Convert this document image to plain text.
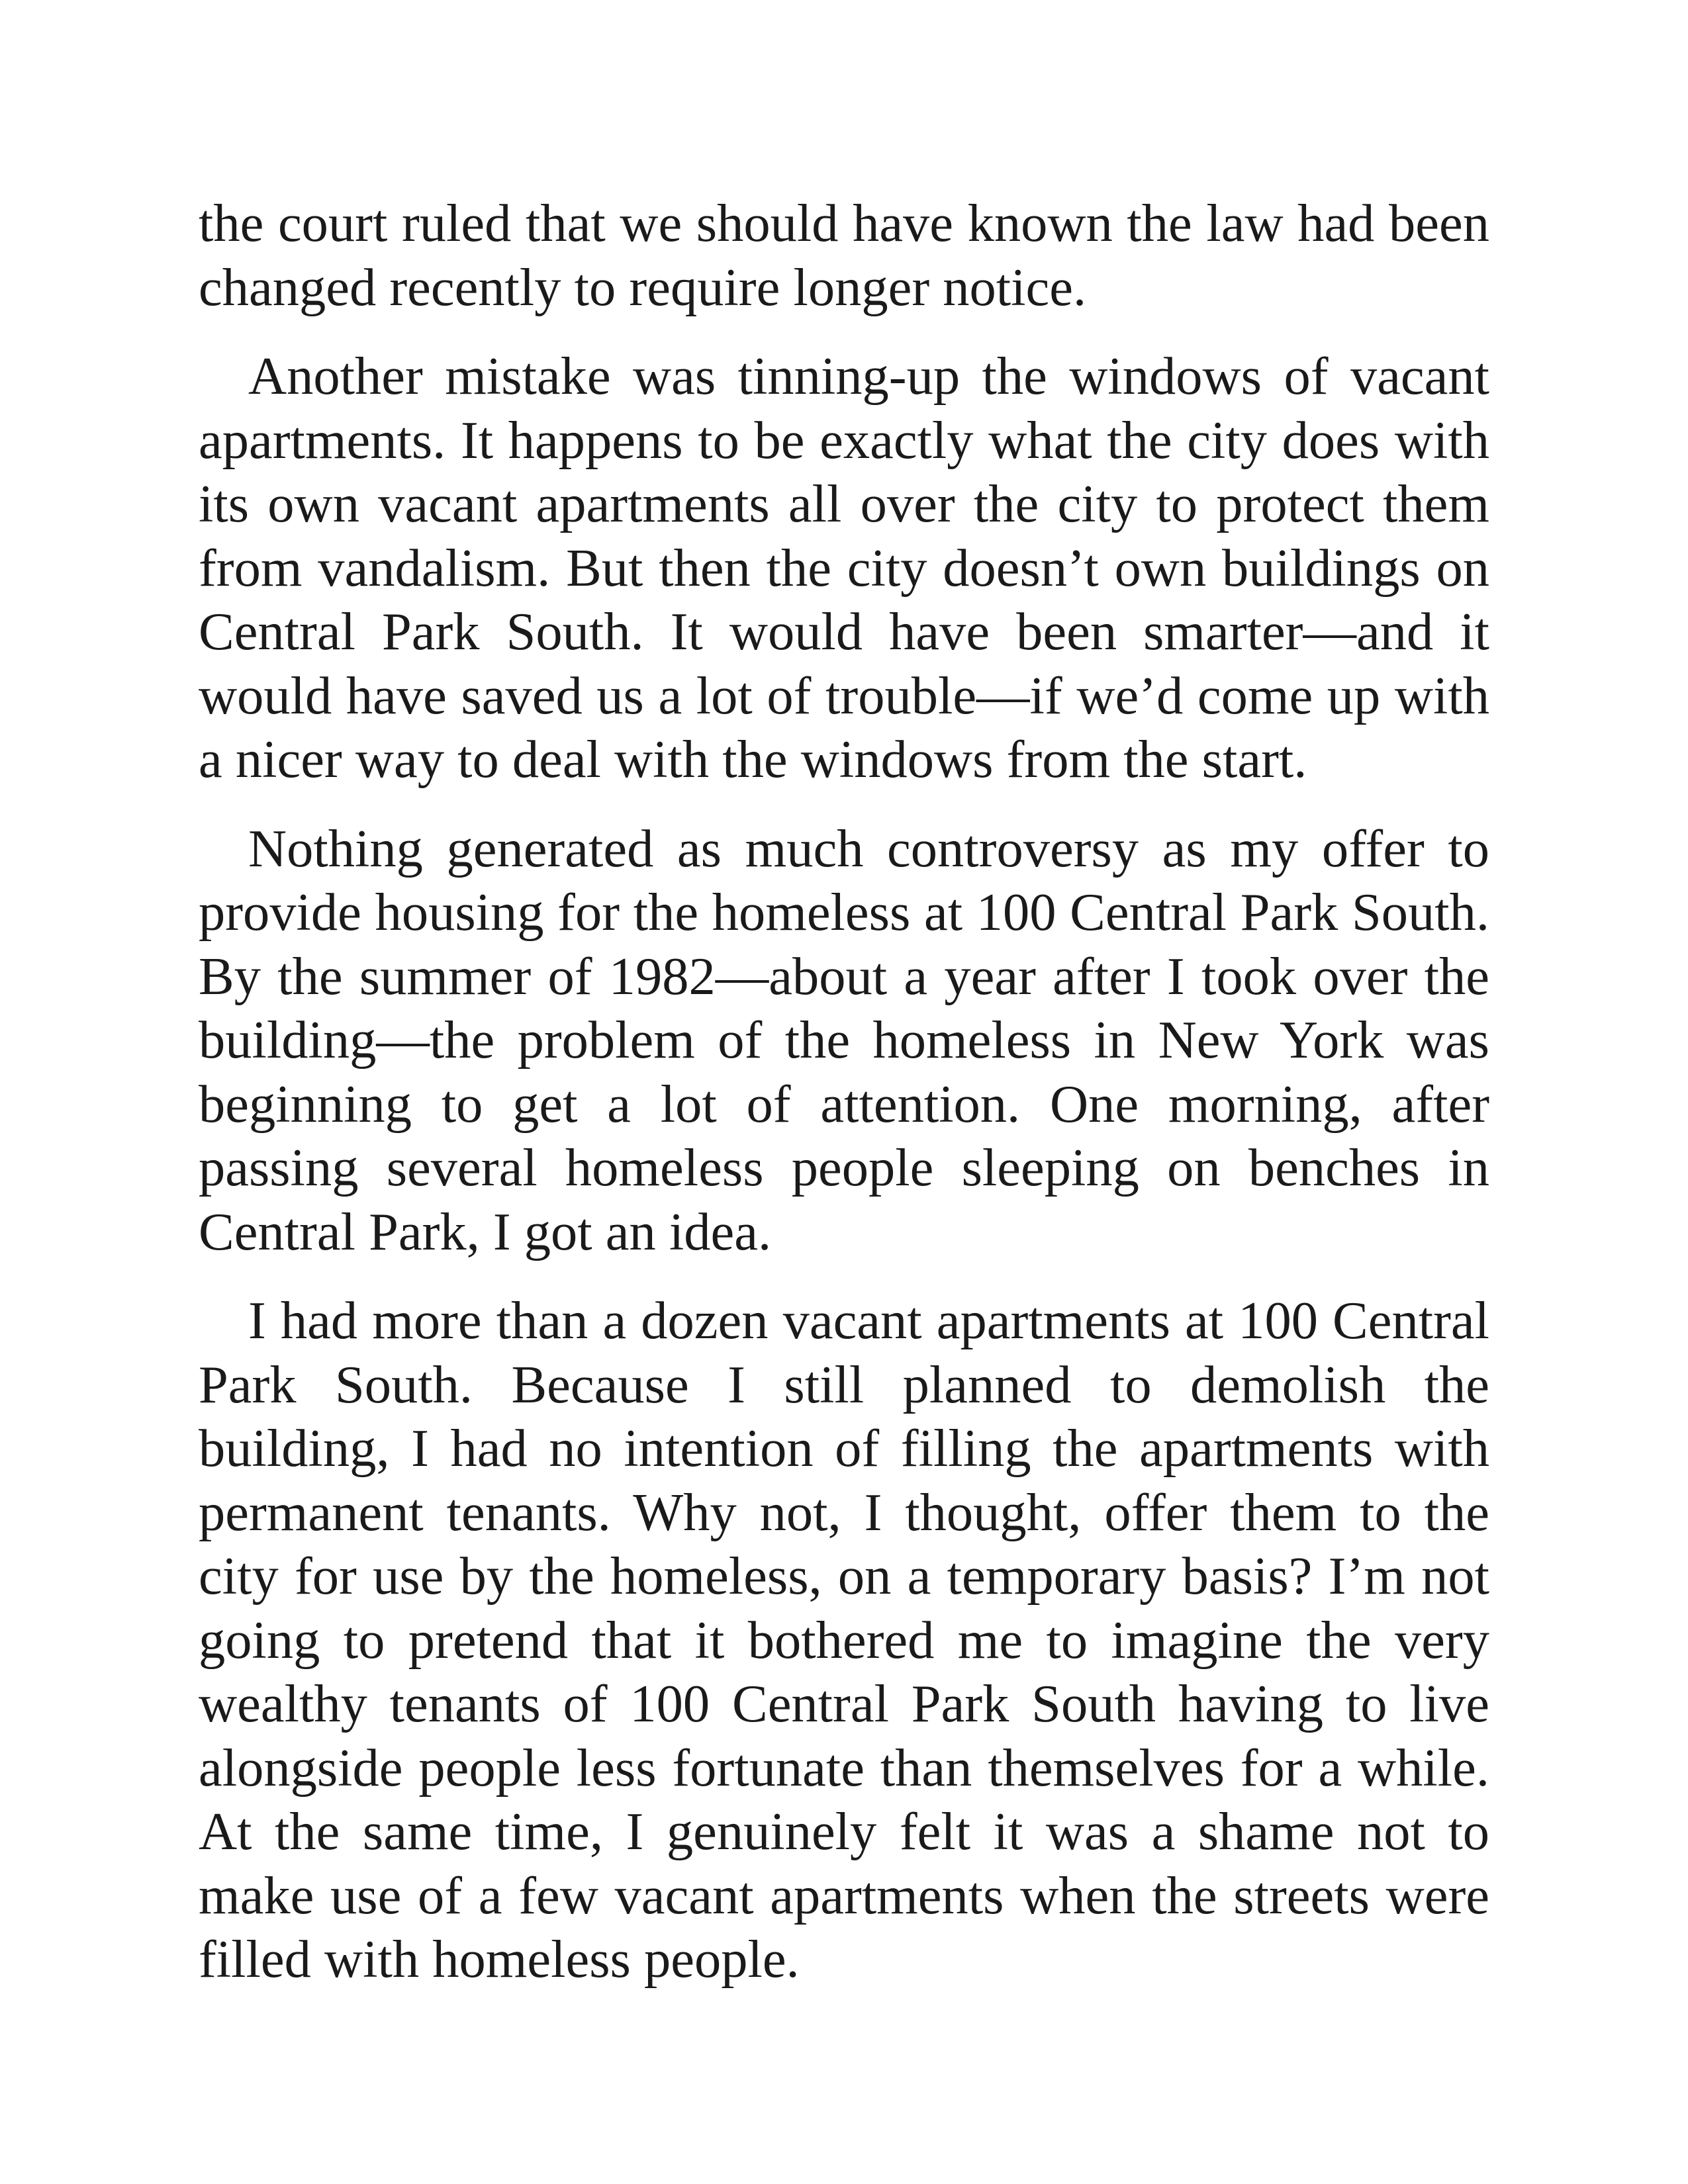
the court ruled that we should have known the law had been changed recently to require longer notice.

Another mistake was tinning-up the windows of vacant apartments. It happens to be exactly what the city does with its own vacant apartments all over the city to protect them from vandalism. But then the city doesn’t own buildings on Central Park South. It would have been smarter—and it would have saved us a lot of trouble—if we’d come up with a nicer way to deal with the windows from the start.

Nothing generated as much controversy as my offer to provide housing for the homeless at 100 Central Park South. By the summer of 1982—about a year after I took over the building—the problem of the homeless in New York was beginning to get a lot of attention. One morning, after passing several homeless people sleeping on benches in Central Park, I got an idea.

I had more than a dozen vacant apartments at 100 Central Park South. Because I still planned to demolish the building, I had no intention of filling the apartments with permanent tenants. Why not, I thought, offer them to the city for use by the homeless, on a temporary basis? I’m not going to pretend that it bothered me to imagine the very wealthy tenants of 100 Central Park South having to live alongside people less fortunate than themselves for a while. At the same time, I genuinely felt it was a shame not to make use of a few vacant apartments when the streets were filled with homeless people.
